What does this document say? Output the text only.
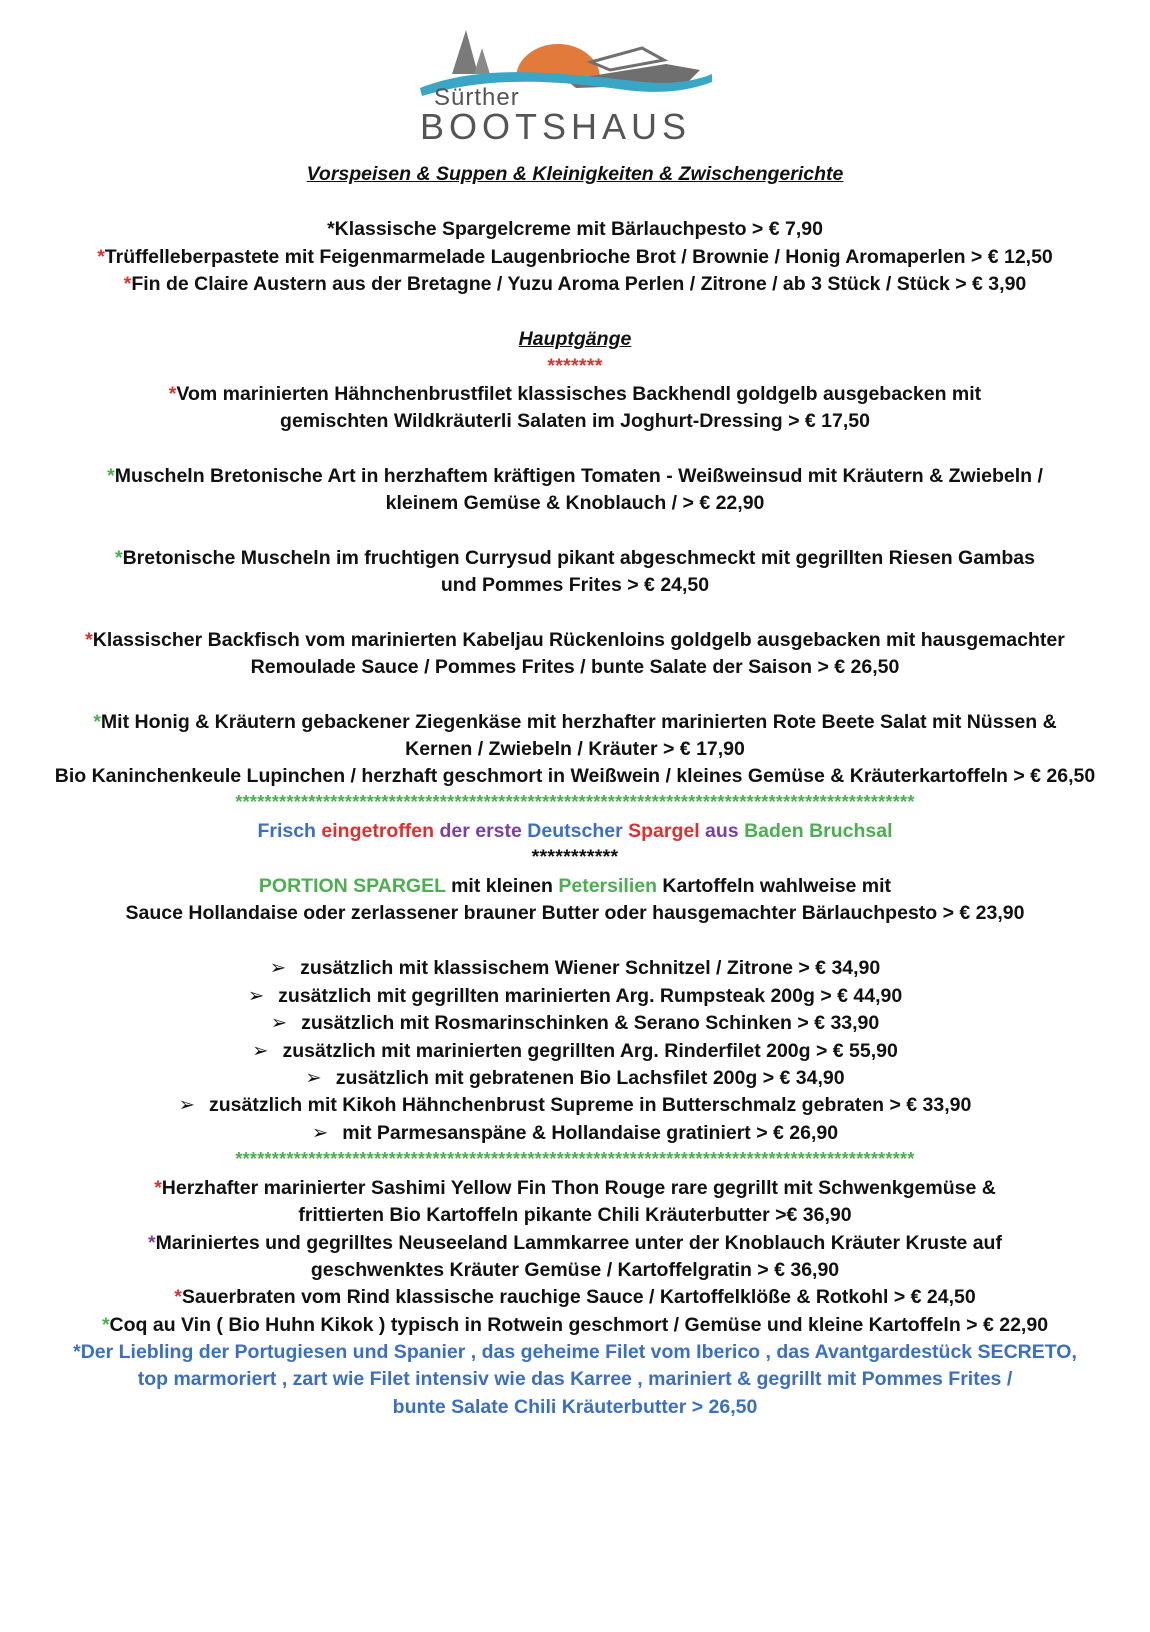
Sürther
BOOTSHAUS
Vorspeisen & Suppen & Kleinigkeiten & Zwischengerichte
*Klassische Spargelcreme mit Bärlauchpesto > € 7,90
*Trüffelleberpastete mit Feigenmarmelade Laugenbrioche Brot / Brownie / Honig Aromaperlen > € 12,50
*Fin de Claire Austern aus der Bretagne / Yuzu Aroma Perlen / Zitrone / ab 3 Stück / Stück > € 3,90
Hauptgänge
*******
*Vom marinierten Hähnchenbrustfilet klassisches Backhendl goldgelb ausgebacken mit
gemischten Wildkräuterli Salaten im Joghurt-Dressing > € 17,50
*Muscheln Bretonische Art in herzhaftem kräftigen Tomaten - Weißweinsud mit Kräutern & Zwiebeln /
kleinem Gemüse & Knoblauch / > € 22,90
*Bretonische Muscheln im fruchtigen Currysud pikant abgeschmeckt mit gegrillten Riesen Gambas
und Pommes Frites > € 24,50
*Klassischer Backfisch vom marinierten Kabeljau Rückenloins goldgelb ausgebacken mit hausgemachter
Remoulade Sauce / Pommes Frites / bunte Salate der Saison > € 26,50
*Mit Honig & Kräutern gebackener Ziegenkäse mit herzhafter marinierten Rote Beete Salat mit Nüssen &
Kernen / Zwiebeln / Kräuter > € 17,90
Bio Kaninchenkeule Lupinchen / herzhaft geschmort in Weißwein / kleines Gemüse & Kräuterkartoffeln > € 26,50
*********************************************************************************************
Frisch eingetroffen der erste Deutscher Spargel aus Baden Bruchsal
***********
PORTION SPARGEL mit kleinen Petersilien Kartoffeln wahlweise mit
Sauce Hollandaise oder zerlassener brauner Butter oder hausgemachter Bärlauchpesto > € 23,90
➢ zusätzlich mit klassischem Wiener Schnitzel / Zitrone > € 34,90
➢ zusätzlich mit gegrillten marinierten Arg. Rumpsteak 200g > € 44,90
➢ zusätzlich mit Rosmarinschinken & Serano Schinken > € 33,90
➢ zusätzlich mit marinierten gegrillten Arg. Rinderfilet 200g > € 55,90
➢ zusätzlich mit gebratenen Bio Lachsfilet 200g > € 34,90
➢ zusätzlich mit Kikoh Hähnchenbrust Supreme in Butterschmalz gebraten > € 33,90
➢ mit Parmesanspäne & Hollandaise gratiniert > € 26,90
*********************************************************************************************
*Herzhafter marinierter Sashimi Yellow Fin Thon Rouge rare gegrillt mit Schwenkgemüse &
frittierten Bio Kartoffeln pikante Chili Kräuterbutter >€ 36,90
*Mariniertes und gegrilltes Neuseeland Lammkarree unter der Knoblauch Kräuter Kruste auf
geschwenktes Kräuter Gemüse / Kartoffelgratin > € 36,90
*Sauerbraten vom Rind klassische rauchige Sauce / Kartoffelklöße & Rotkohl > € 24,50
*Coq au Vin ( Bio Huhn Kikok ) typisch in Rotwein geschmort / Gemüse und kleine Kartoffeln > € 22,90
*Der Liebling der Portugiesen und Spanier , das geheime Filet vom Iberico , das Avantgardestück SECRETO,
top marmoriert , zart wie Filet intensiv wie das Karree , mariniert & gegrillt mit Pommes Frites /
bunte Salate Chili Kräuterbutter > 26,50
